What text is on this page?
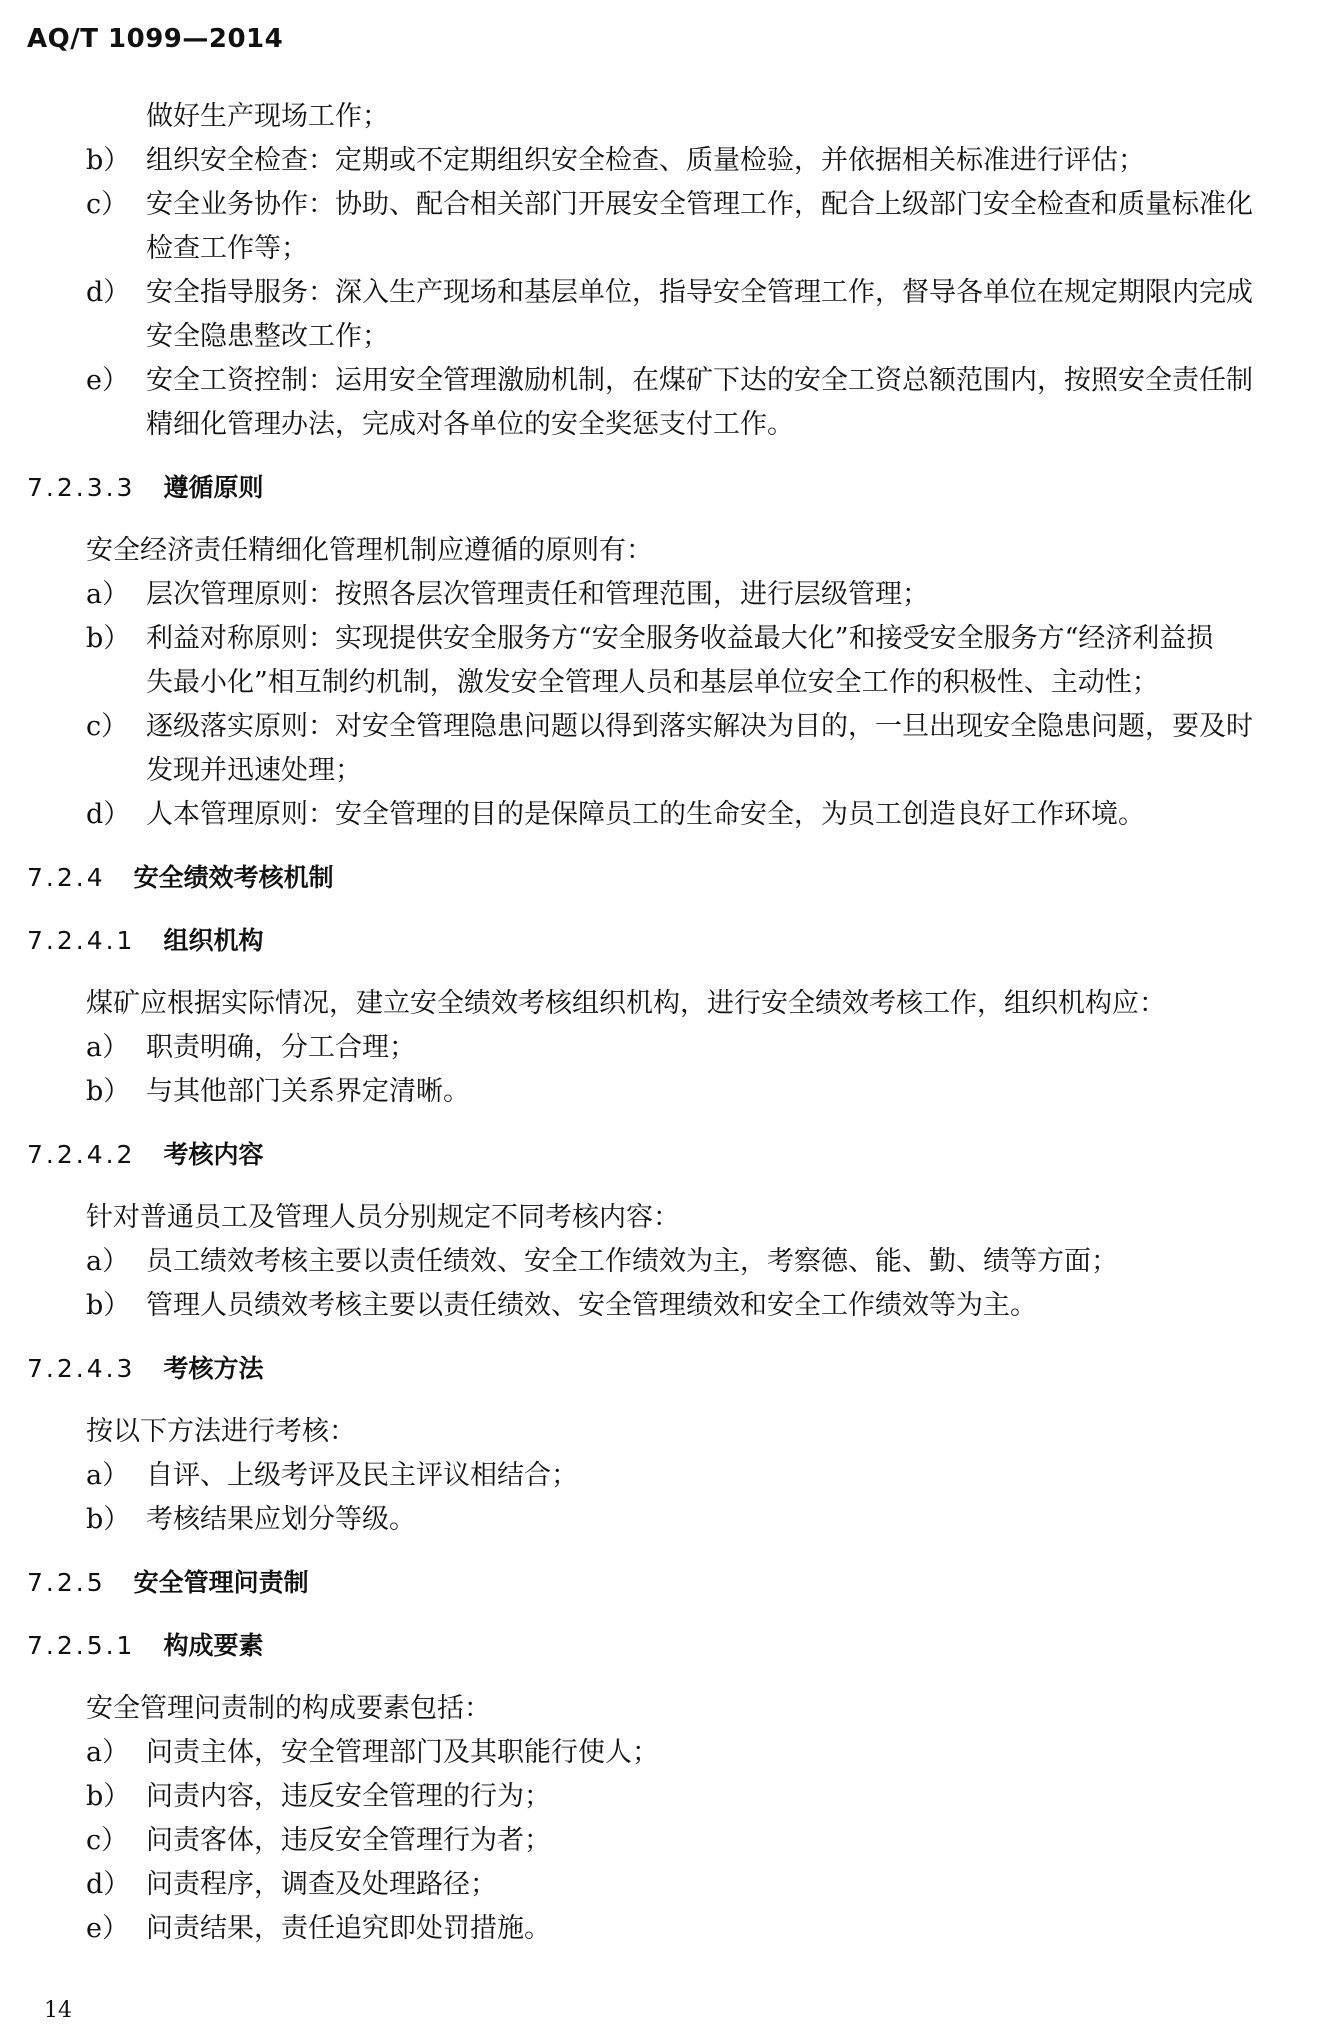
AQ/T 1099—2014
做好生产现场工作；
b） 组织安全检查：定期或不定期组织安全检查、质量检验，并依据相关标准进行评估；
c） 安全业务协作：协助、配合相关部门开展安全管理工作，配合上级部门安全检查和质量标准化
检查工作等；
d） 安全指导服务：深入生产现场和基层单位，指导安全管理工作，督导各单位在规定期限内完成
安全隐患整改工作；
e） 安全工资控制：运用安全管理激励机制，在煤矿下达的安全工资总额范围内，按照安全责任制
精细化管理办法，完成对各单位的安全奖惩支付工作。
7.2.3.3 遵循原则
安全经济责任精细化管理机制应遵循的原则有：
a） 层次管理原则：按照各层次管理责任和管理范围，进行层级管理；
b） 利益对称原则：实现提供安全服务方“安全服务收益最大化”和接受安全服务方“经济利益损
失最小化”相互制约机制，激发安全管理人员和基层单位安全工作的积极性、主动性；
c） 逐级落实原则：对安全管理隐患问题以得到落实解决为目的，一旦出现安全隐患问题，要及时
发现并迅速处理；
d） 人本管理原则：安全管理的目的是保障员工的生命安全，为员工创造良好工作环境。
7.2.4 安全绩效考核机制
7.2.4.1 组织机构
煤矿应根据实际情况，建立安全绩效考核组织机构，进行安全绩效考核工作，组织机构应：
a） 职责明确，分工合理；
b） 与其他部门关系界定清晰。
7.2.4.2 考核内容
针对普通员工及管理人员分别规定不同考核内容：
a） 员工绩效考核主要以责任绩效、安全工作绩效为主，考察德、能、勤、绩等方面；
b） 管理人员绩效考核主要以责任绩效、安全管理绩效和安全工作绩效等为主。
7.2.4.3 考核方法
按以下方法进行考核：
a） 自评、上级考评及民主评议相结合；
b） 考核结果应划分等级。
7.2.5 安全管理问责制
7.2.5.1 构成要素
安全管理问责制的构成要素包括：
a） 问责主体，安全管理部门及其职能行使人；
b） 问责内容，违反安全管理的行为；
c） 问责客体，违反安全管理行为者；
d） 问责程序，调查及处理路径；
e） 问责结果，责任追究即处罚措施。
14
